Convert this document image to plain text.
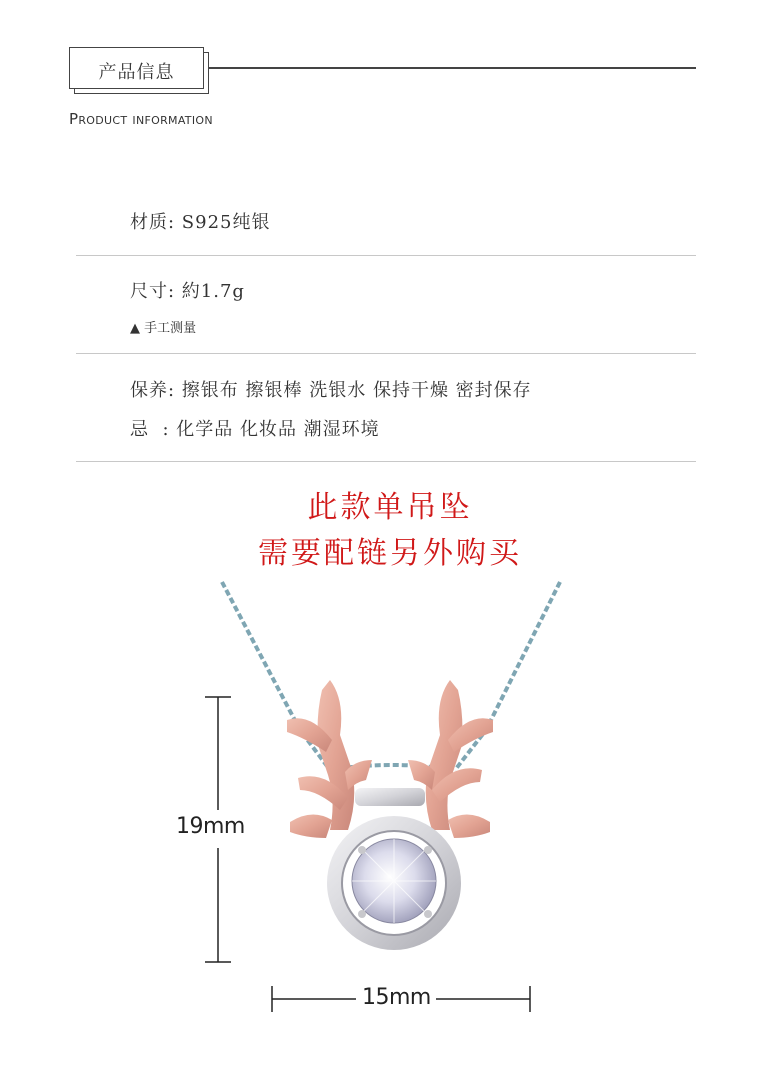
产品信息
Product information
材质: S925纯银
尺寸: 約1.7g
▲ 手工测量
保养: 擦银布 擦银棒 洗银水 保持干燥 密封保存
忌  : 化学品 化妆品 潮湿环境
此款单吊坠
需要配链另外购买
19mm
15mm
